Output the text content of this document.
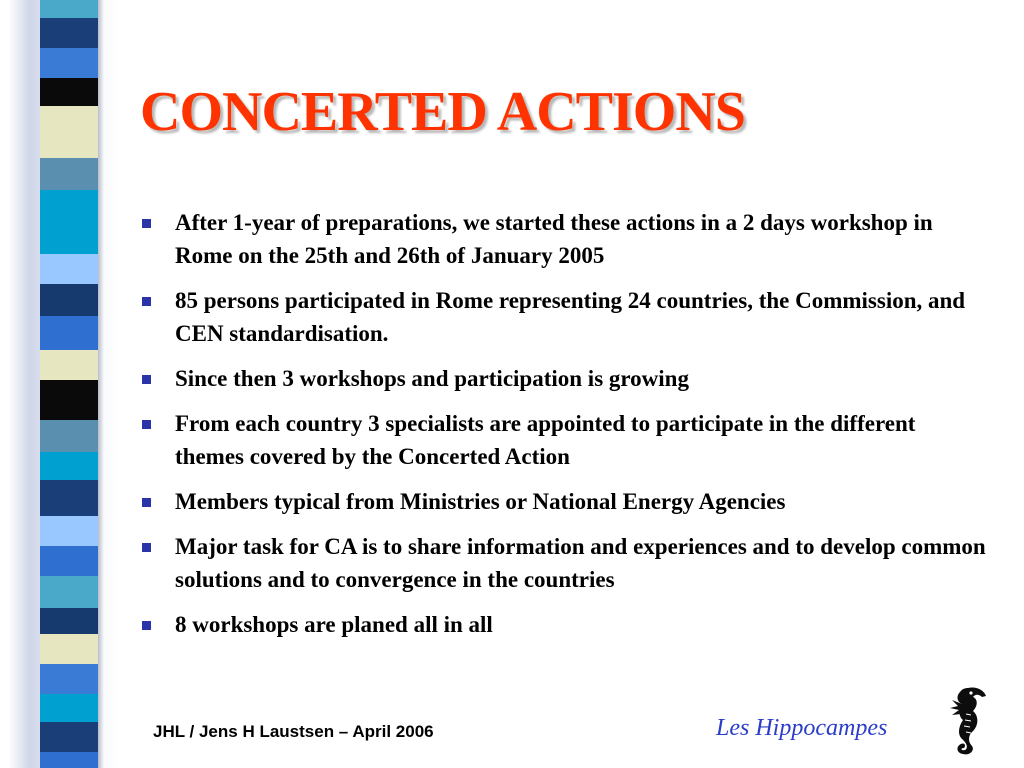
CONCERTED ACTIONS
After 1-year of preparations, we started these actions in a 2 days workshop in Rome on the 25th and 26th of January 2005
85 persons participated in Rome representing 24 countries, the Commission, and CEN standardisation.
Since then 3 workshops and participation is growing
From each country 3 specialists are appointed to participate in the different themes covered by the Concerted Action
Members typical from Ministries or National Energy Agencies
Major task for CA is to share information and experiences and to develop common solutions and to convergence in the countries
8 workshops are planed all in all
JHL / Jens H Laustsen – April 2006	Les Hippocampes
